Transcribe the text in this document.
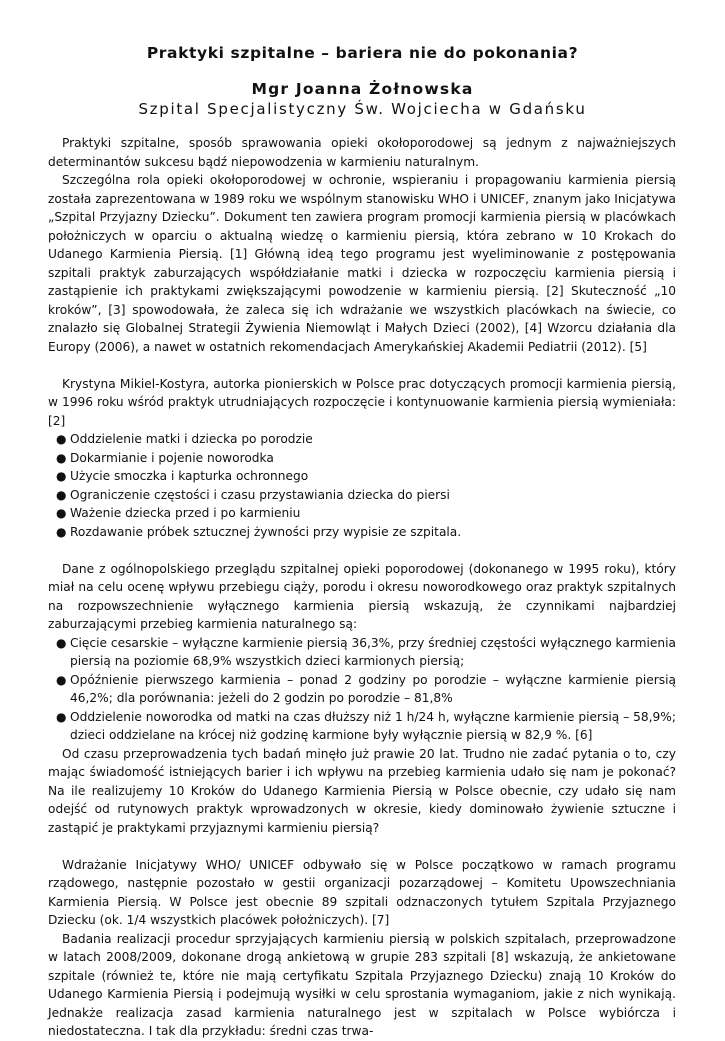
Praktyki szpitalne – bariera nie do pokonania?
Mgr Joanna Żołnowska
Szpital Specjalistyczny Św. Wojciecha w Gdańsku

Praktyki szpitalne, sposób sprawowania opieki okołoporodowej są jednym z najważniejszych determinantów sukcesu bądź niepowodzenia w karmieniu naturalnym.

Szczególna rola opieki okołoporodowej w ochronie, wspieraniu i propagowaniu karmienia piersią została zaprezentowana w 1989 roku we wspólnym stanowisku WHO i UNICEF, znanym jako Inicjatywa „Szpital Przyjazny Dziecku”. Dokument ten zawiera program promocji karmienia piersią w placówkach położniczych w oparciu o aktualną wiedzę o karmieniu piersią, która zebrano w 10 Krokach do Udanego Karmienia Piersią. [1] Główną ideą tego programu jest wyeliminowanie z postępowania szpitali praktyk zaburzających współdziałanie matki i dziecka w rozpoczęciu karmienia piersią i zastąpienie ich praktykami zwiększającymi powodzenie w karmieniu piersią. [2] Skuteczność „10 kroków”, [3] spowodowała, że zaleca się ich wdrażanie we wszystkich placówkach na świecie, co znalazło się Globalnej Strategii Żywienia Niemowląt i Małych Dzieci (2002), [4] Wzorcu działania dla Europy (2006), a nawet w ostatnich rekomendacjach Amerykańskiej Akademii Pediatrii (2012). [5]

Krystyna Mikiel-Kostyra, autorka pionierskich w Polsce prac dotyczących promocji karmienia piersią, w 1996 roku wśród praktyk utrudniających rozpoczęcie i kontynuowanie karmienia piersią wymieniała: [2]

● Oddzielenie matki i dziecka po porodzie
● Dokarmianie i pojenie noworodka
● Użycie smoczka i kapturka ochronnego
● Ograniczenie częstości i czasu przystawiania dziecka do piersi
● Ważenie dziecka przed i po karmieniu
● Rozdawanie próbek sztucznej żywności przy wypisie ze szpitala.

Dane z ogólnopolskiego przeglądu szpitalnej opieki poporodowej (dokonanego w 1995 roku), który miał na celu ocenę wpływu przebiegu ciąży, porodu i okresu noworodkowego oraz praktyk szpitalnych na rozpowszechnienie wyłącznego karmienia piersią wskazują, że czynnikami najbardziej zaburzającymi przebieg karmienia naturalnego są:

● Cięcie cesarskie – wyłączne karmienie piersią 36,3%, przy średniej częstości wyłącznego karmienia piersią na poziomie 68,9% wszystkich dzieci karmionych piersią;
● Opóźnienie pierwszego karmienia – ponad 2 godziny po porodzie – wyłączne karmienie piersią 46,2%; dla porównania: jeżeli do 2 godzin po porodzie – 81,8%
● Oddzielenie noworodka od matki na czas dłuższy niż 1 h/24 h, wyłączne karmienie piersią – 58,9%; dzieci oddzielane na krócej niż godzinę karmione były wyłącznie piersią w 82,9 %. [6]

Od czasu przeprowadzenia tych badań minęło już prawie 20 lat. Trudno nie zadać pytania o to, czy mając świadomość istniejących barier i ich wpływu na przebieg karmienia udało się nam je pokonać? Na ile realizujemy 10 Kroków do Udanego Karmienia Piersią w Polsce obecnie, czy udało się nam odejść od rutynowych praktyk wprowadzonych w okresie, kiedy dominowało żywienie sztuczne i zastąpić je praktykami przyjaznymi karmieniu piersią?

Wdrażanie Inicjatywy WHO/ UNICEF odbywało się w Polsce początkowo w ramach programu rządowego, następnie pozostało w gestii organizacji pozarządowej – Komitetu Upowszechniania Karmienia Piersią. W Polsce jest obecnie 89 szpitali odznaczonych tytułem Szpitala Przyjaznego Dziecku (ok. 1/4 wszystkich placówek położniczych). [7]

Badania realizacji procedur sprzyjających karmieniu piersią w polskich szpitalach, przeprowadzone w latach 2008/2009, dokonane drogą ankietową w grupie 283 szpitali [8] wskazują, że ankietowane szpitale (również te, które nie mają certyfikatu Szpitala Przyjaznego Dziecku) znają 10 Kroków do Udanego Karmienia Piersią i podejmują wysiłki w celu sprostania wymaganiom, jakie z nich wynikają. Jednakże realizacja zasad karmienia naturalnego jest w szpitalach w Polsce wybiórcza i niedostateczna. I tak dla przykładu: średni czas trwa-
